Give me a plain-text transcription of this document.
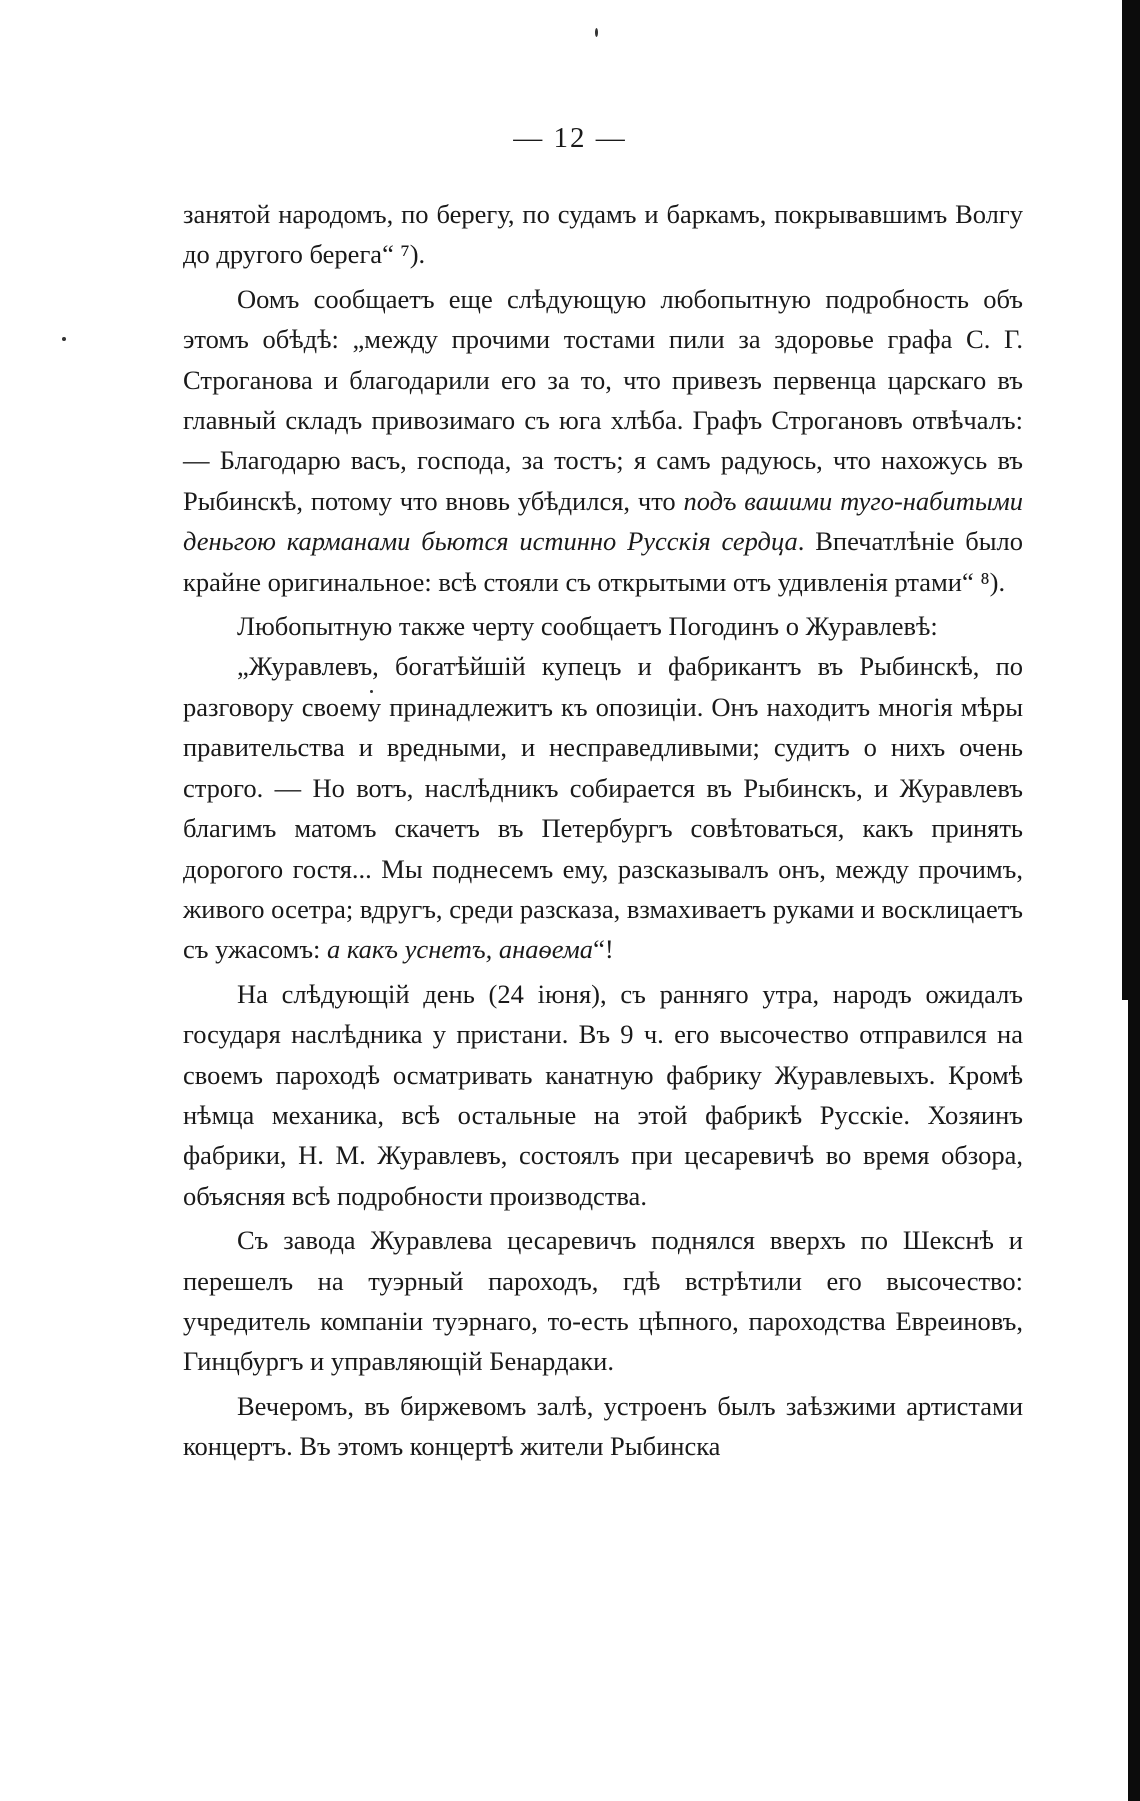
— 12 —

занятой народомъ, по берегу, по судамъ и баркамъ, покрывавшимъ Волгу до другого берега“ ⁷).

Оомъ сообщаетъ еще слѣдующую любопытную подробность объ этомъ обѣдѣ: „между прочими тостами пили за здоровье графа С. Г. Строганова и благодарили его за то, что привезъ первенца царскаго въ главный складъ привозимаго съ юга хлѣба. Графъ Строгановъ отвѣчалъ: — Благодарю васъ, господа, за тостъ; я самъ радуюсь, что нахожусь въ Рыбинскѣ, потому что вновь убѣдился, что подъ вашими туго-набитыми деньгою карманами бьются истинно Русскія сердца. Впечатлѣніе было крайне оригинальное: всѣ стояли съ открытыми отъ удивленія ртами“ ⁸).

Любопытную также черту сообщаетъ Погодинъ о Журавлевѣ:

„Журавлевъ, богатѣйшій купецъ и фабрикантъ въ Рыбинскѣ, по разговору своему принадлежитъ къ опозиціи. Онъ находитъ многія мѣры правительства и вредными, и несправедливыми; судитъ о нихъ очень строго. — Но вотъ, наслѣдникъ собирается въ Рыбинскъ, и Журавлевъ благимъ матомъ скачетъ въ Петербургъ совѣтоваться, какъ принять дорогого гостя... Мы поднесемъ ему, разсказывалъ онъ, между прочимъ, живого осетра; вдругъ, среди разсказа, взмахиваетъ руками и восклицаетъ съ ужасомъ: а какъ уснетъ, анаѳема“!

На слѣдующій день (24 іюня), съ ранняго утра, народъ ожидалъ государя наслѣдника у пристани. Въ 9 ч. его высочество отправился на своемъ пароходѣ осматривать канатную фабрику Журавлевыхъ. Кромѣ нѣмца механика, всѣ остальные на этой фабрикѣ Русскіе. Хозяинъ фабрики, Н. М. Журавлевъ, состоялъ при цесаревичѣ во время обзора, объясняя всѣ подробности производства.

Съ завода Журавлева цесаревичъ поднялся вверхъ по Шекснѣ и перешелъ на туэрный пароходъ, гдѣ встрѣтили его высочество: учредитель компаніи туэрнаго, то-есть цѣпного, пароходства Евреиновъ, Гинцбургъ и управляющій Бенардаки.

Вечеромъ, въ биржевомъ залѣ, устроенъ былъ заѣзжими артистами концертъ. Въ этомъ концертѣ жители Рыбинска
